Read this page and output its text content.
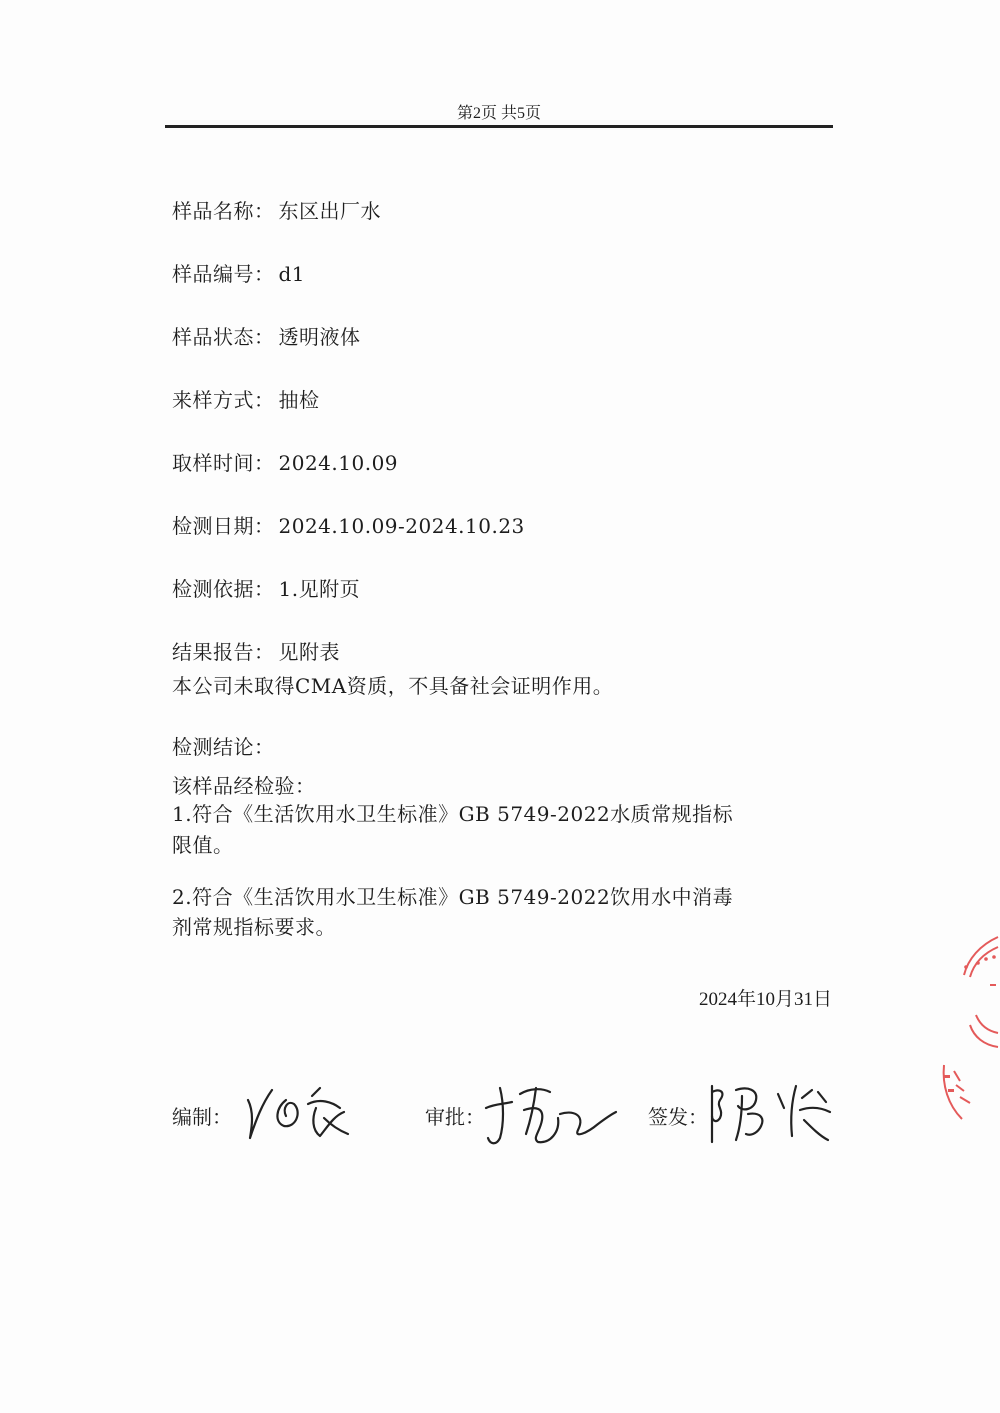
第2页 共5页
样品名称： 东区出厂水
样品编号： d1
样品状态： 透明液体
来样方式： 抽检
取样时间： 2024.10.09
检测日期： 2024.10.09-2024.10.23
检测依据： 1.见附页
结果报告： 见附表
本公司未取得CMA资质，不具备社会证明作用。
检测结论：
该样品经检验：
1.符合《生活饮用水卫生标准》GB 5749-2022水质常规指标
限值。
2.符合《生活饮用水卫生标准》GB 5749-2022饮用水中消毒
剂常规指标要求。
2024年10月31日
编制：	审批：	签发：
